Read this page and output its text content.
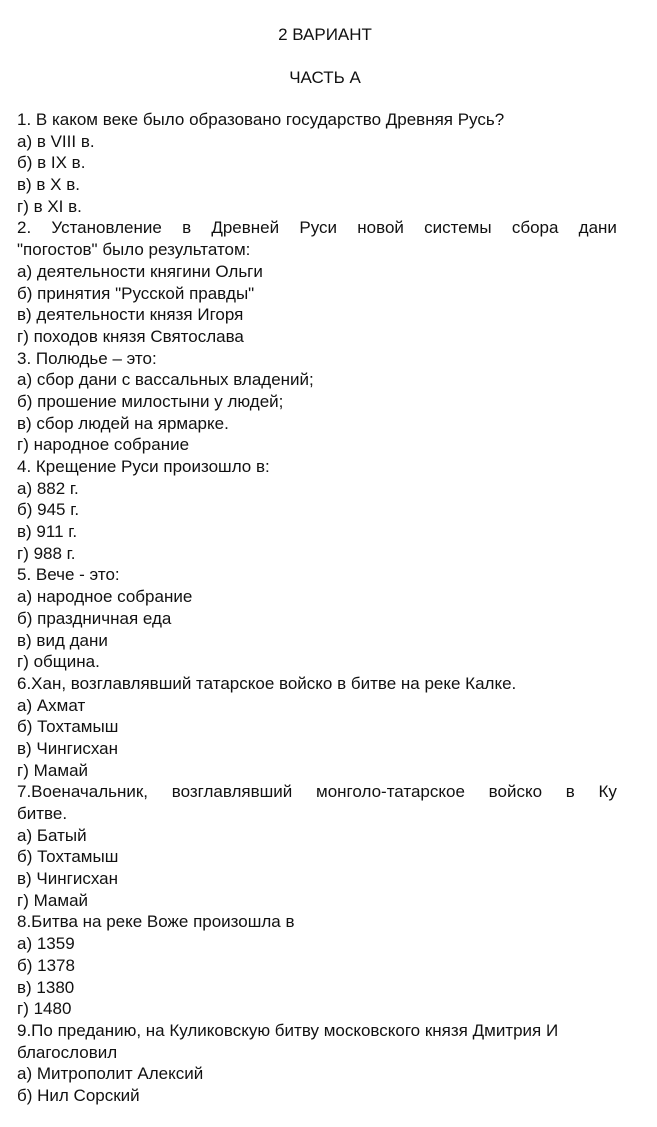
2 ВАРИАНТ
ЧАСТЬ А
1. В каком веке было образовано государство Древняя Русь?
а) в VIII в.
б) в IX в.
в) в X в.
г) в XI в.
2. Установление в Древней Руси новой системы сбора дани
"погостов" было результатом:
а) деятельности княгини Ольги
б) принятия "Русской правды"
в) деятельности князя Игоря
г) походов князя Святослава
3. Полюдье – это:
а) сбор дани с вассальных владений;
б) прошение милостыни у людей;
в) сбор людей на ярмарке.
г) народное собрание
4. Крещение Руси произошло в:
а) 882 г.
б) 945 г.
в) 911 г.
г) 988 г.
5. Вече - это:
а) народное собрание
б) праздничная еда
в) вид дани
г) община.
6.Хан, возглавлявший татарское войско в битве на реке Калке.
а) Ахмат
б) Тохтамыш
в) Чингисхан
г) Мамай
7.Военачальник, возглавлявший монголо-татарское войско в Ку
битве.
а) Батый
б) Тохтамыш
в) Чингисхан
г) Мамай
8.Битва на реке Воже произошла в
а) 1359
б) 1378
в) 1380
г) 1480
9.По преданию, на Куликовскую битву московского князя Дмитрия И
благословил
а) Митрополит Алексий
б) Нил Сорский
